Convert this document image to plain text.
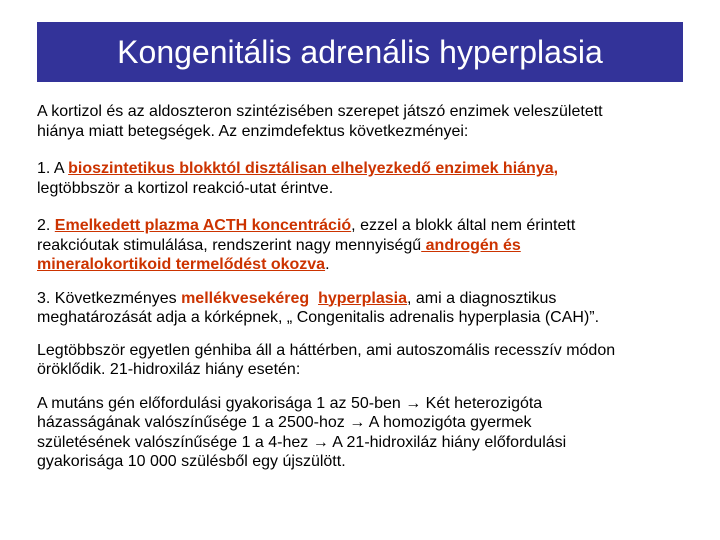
Kongenitális adrenális hyperplasia

A kortizol és az aldoszteron szintézisében szerepet játszó enzimek veleszületett
hiánya miatt betegségek. Az enzimdefektus következményei:

1. A bioszintetikus blokktól disztálisan elhelyezkedő enzimek hiánya,
legtöbbször a kortizol reakció-utat érintve.

2. Emelkedett plazma ACTH koncentráció, ezzel a blokk által nem érintett
reakcióutak stimulálása, rendszerint nagy mennyiségű androgén és
mineralokortikoid termelődést okozva.

3. Következményes mellékvesekéreg hyperplasia, ami a diagnosztikus
meghatározását adja a kórképnek, „ Congenitalis adrenalis hyperplasia (CAH)”.

Legtöbbször egyetlen génhiba áll a háttérben, ami autoszomális recesszív módon
öröklődik. 21-hidroxiláz hiány esetén:

A mutáns gén előfordulási gyakorisága 1 az 50-ben → Két heterozigóta
házasságának valószínűsége 1 a 2500-hoz → A homozigóta gyermek
születésének valószínűsége 1 a 4-hez → A 21-hidroxiláz hiány előfordulási
gyakorisága 10 000 szülésből egy újszülött.
